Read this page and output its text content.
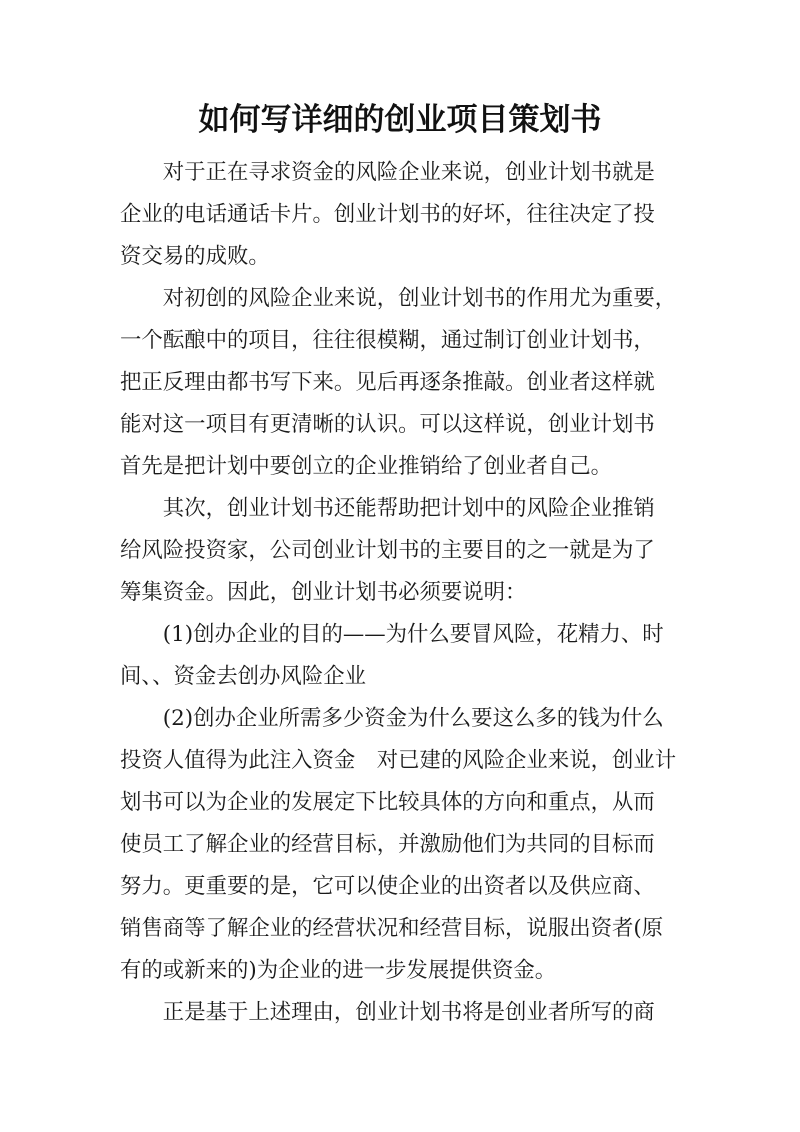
如何写详细的创业项目策划书

对于正在寻求资金的风险企业来说，创业计划书就是
企业的电话通话卡片。创业计划书的好坏，往往决定了投
资交易的成败。

对初创的风险企业来说，创业计划书的作用尤为重要，
一个酝酿中的项目，往往很模糊，通过制订创业计划书，
把正反理由都书写下来。见后再逐条推敲。创业者这样就
能对这一项目有更清晰的认识。可以这样说，创业计划书
首先是把计划中要创立的企业推销给了创业者自己。

其次，创业计划书还能帮助把计划中的风险企业推销
给风险投资家，公司创业计划书的主要目的之一就是为了
筹集资金。因此，创业计划书必须要说明：

(1)创办企业的目的——为什么要冒风险，花精力、时
间、、资金去创办风险企业

(2)创办企业所需多少资金为什么要这么多的钱为什么
投资人值得为此注入资金　对已建的风险企业来说，创业计
划书可以为企业的发展定下比较具体的方向和重点，从而
使员工了解企业的经营目标，并激励他们为共同的目标而
努力。更重要的是，它可以使企业的出资者以及供应商、
销售商等了解企业的经营状况和经营目标，说服出资者(原
有的或新来的)为企业的进一步发展提供资金。

正是基于上述理由，创业计划书将是创业者所写的商
